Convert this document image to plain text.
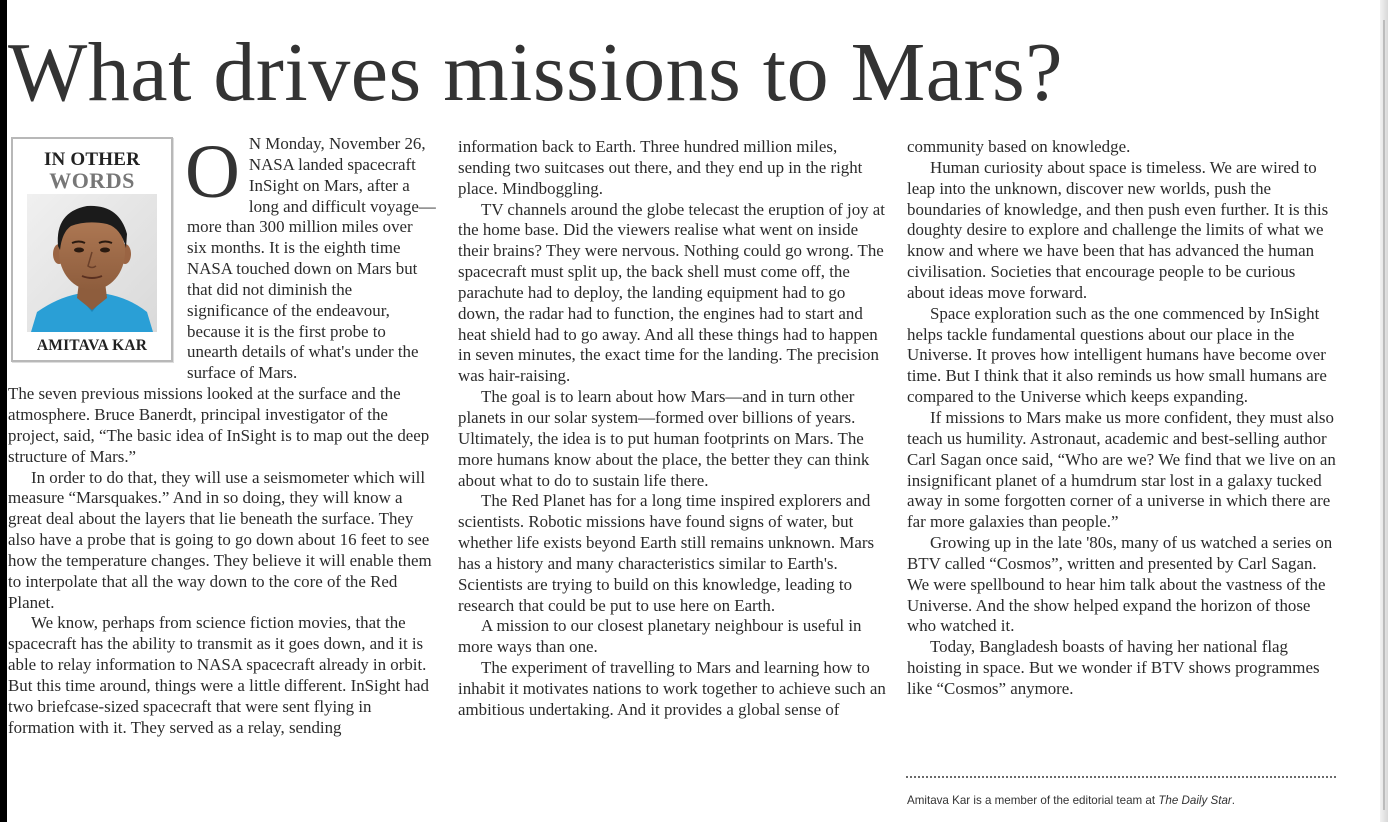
What drives missions to Mars?
IN OTHER
WORDS
AMITAVA KAR
O N Monday, November 26, NASA landed spacecraft InSight on Mars, after a long and difficult voyage—more than 300 million miles over six months. It is the eighth time NASA touched down on Mars but that did not diminish the significance of the endeavour, because it is the first probe to unearth details of what's under the surface of Mars.

The seven previous missions looked at the surface and the atmosphere. Bruce Banerdt, principal investigator of the project, said, “The basic idea of InSight is to map out the deep structure of Mars.”

In order to do that, they will use a seismometer which will measure “Marsquakes.” And in so doing, they will know a great deal about the layers that lie beneath the surface. They also have a probe that is going to go down about 16 feet to see how the temperature changes. They believe it will enable them to interpolate that all the way down to the core of the Red Planet.

We know, perhaps from science fiction movies, that the spacecraft has the ability to transmit as it goes down, and it is able to relay information to NASA spacecraft already in orbit. But this time around, things were a little different. InSight had two briefcase-sized spacecraft that were sent flying in formation with it. They served as a relay, sending

information back to Earth. Three hundred million miles, sending two suitcases out there, and they end up in the right place. Mindboggling.

TV channels around the globe telecast the eruption of joy at the home base. Did the viewers realise what went on inside their brains? They were nervous. Nothing could go wrong. The spacecraft must split up, the back shell must come off, the parachute had to deploy, the landing equipment had to go down, the radar had to function, the engines had to start and heat shield had to go away. And all these things had to happen in seven minutes, the exact time for the landing. The precision was hair-raising.

The goal is to learn about how Mars—and in turn other planets in our solar system—formed over billions of years. Ultimately, the idea is to put human footprints on Mars. The more humans know about the place, the better they can think about what to do to sustain life there.

The Red Planet has for a long time inspired explorers and scientists. Robotic missions have found signs of water, but whether life exists beyond Earth still remains unknown. Mars has a history and many characteristics similar to Earth's. Scientists are trying to build on this knowledge, leading to research that could be put to use here on Earth.

A mission to our closest planetary neighbour is useful in more ways than one.

The experiment of travelling to Mars and learning how to inhabit it motivates nations to work together to achieve such an ambitious undertaking. And it provides a global sense of

community based on knowledge.

Human curiosity about space is timeless. We are wired to leap into the unknown, discover new worlds, push the boundaries of knowledge, and then push even further. It is this doughty desire to explore and challenge the limits of what we know and where we have been that has advanced the human civilisation. Societies that encourage people to be curious about ideas move forward.

Space exploration such as the one commenced by InSight helps tackle fundamental questions about our place in the Universe. It proves how intelligent humans have become over time. But I think that it also reminds us how small humans are compared to the Universe which keeps expanding.

If missions to Mars make us more confident, they must also teach us humility. Astronaut, academic and best-selling author Carl Sagan once said, “Who are we? We find that we live on an insignificant planet of a humdrum star lost in a galaxy tucked away in some forgotten corner of a universe in which there are far more galaxies than people.”

Growing up in the late '80s, many of us watched a series on BTV called “Cosmos”, written and presented by Carl Sagan. We were spellbound to hear him talk about the vastness of the Universe. And the show helped expand the horizon of those who watched it.

Today, Bangladesh boasts of having her national flag hoisting in space. But we wonder if BTV shows programmes like “Cosmos” anymore.

Amitava Kar is a member of the editorial team at The Daily Star.
